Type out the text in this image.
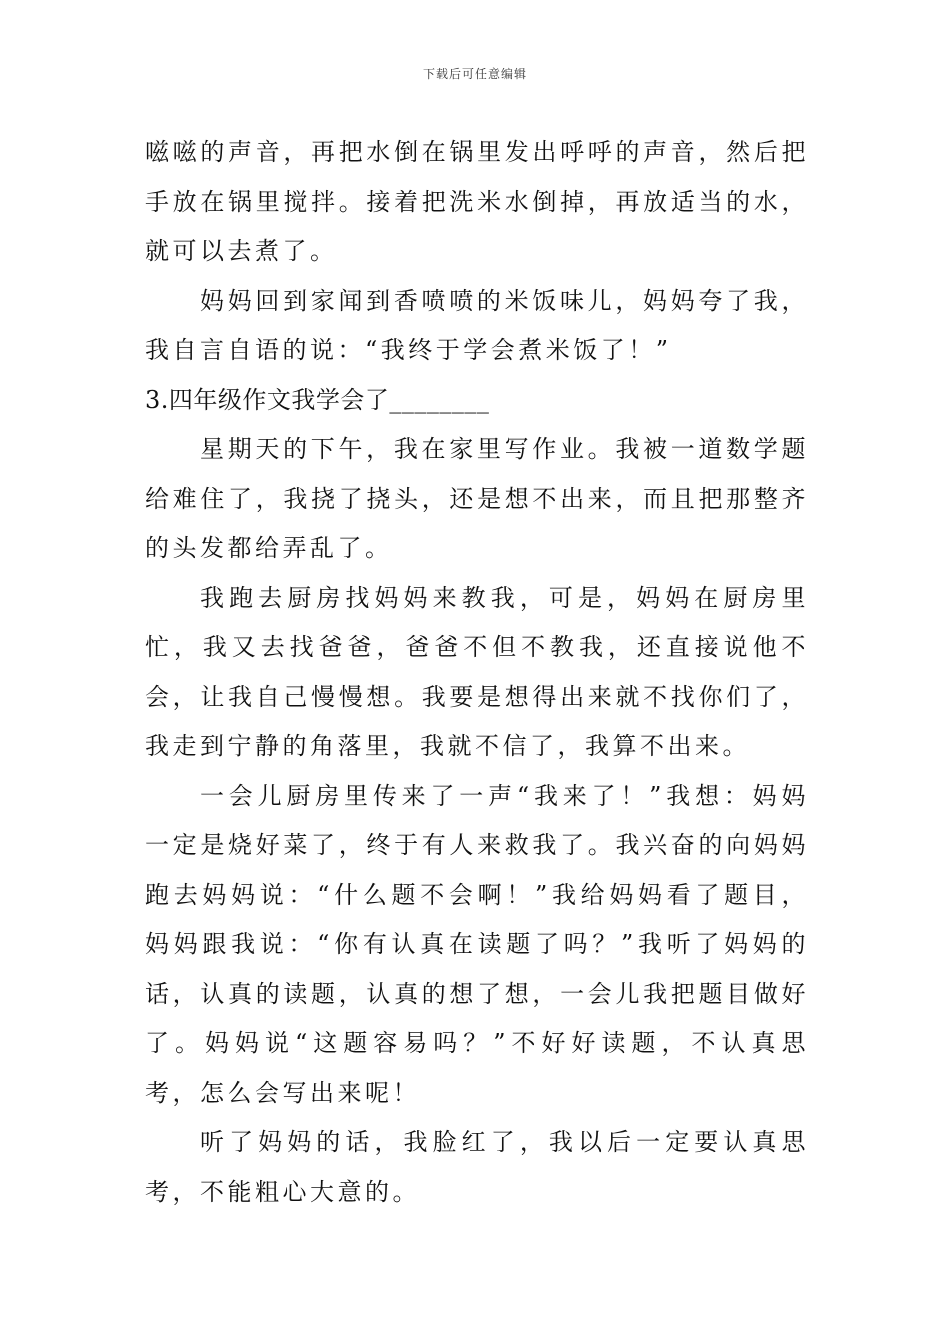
下载后可任意编辑

嗞嗞的声音，再把水倒在锅里发出呼呼的声音，然后把手放在锅里搅拌。接着把洗米水倒掉，再放适当的水，就可以去煮了。

妈妈回到家闻到香喷喷的米饭味儿，妈妈夸了我，我自言自语的说：“我终于学会煮米饭了！”

3.四年级作文我学会了________

星期天的下午，我在家里写作业。我被一道数学题给难住了，我挠了挠头，还是想不出来，而且把那整齐的头发都给弄乱了。

我跑去厨房找妈妈来教我，可是，妈妈在厨房里忙，我又去找爸爸，爸爸不但不教我，还直接说他不会，让我自己慢慢想。我要是想得出来就不找你们了，我走到宁静的角落里，我就不信了，我算不出来。

一会儿厨房里传来了一声“我来了！”我想：妈妈一定是烧好菜了，终于有人来救我了。我兴奋的向妈妈跑去妈妈说：“什么题不会啊！”我给妈妈看了题目，妈妈跟我说：“你有认真在读题了吗？”我听了妈妈的话，认真的读题，认真的想了想，一会儿我把题目做好了。妈妈说“这题容易吗？”不好好读题，不认真思考，怎么会写出来呢！

听了妈妈的话，我脸红了，我以后一定要认真思考，不能粗心大意的。
